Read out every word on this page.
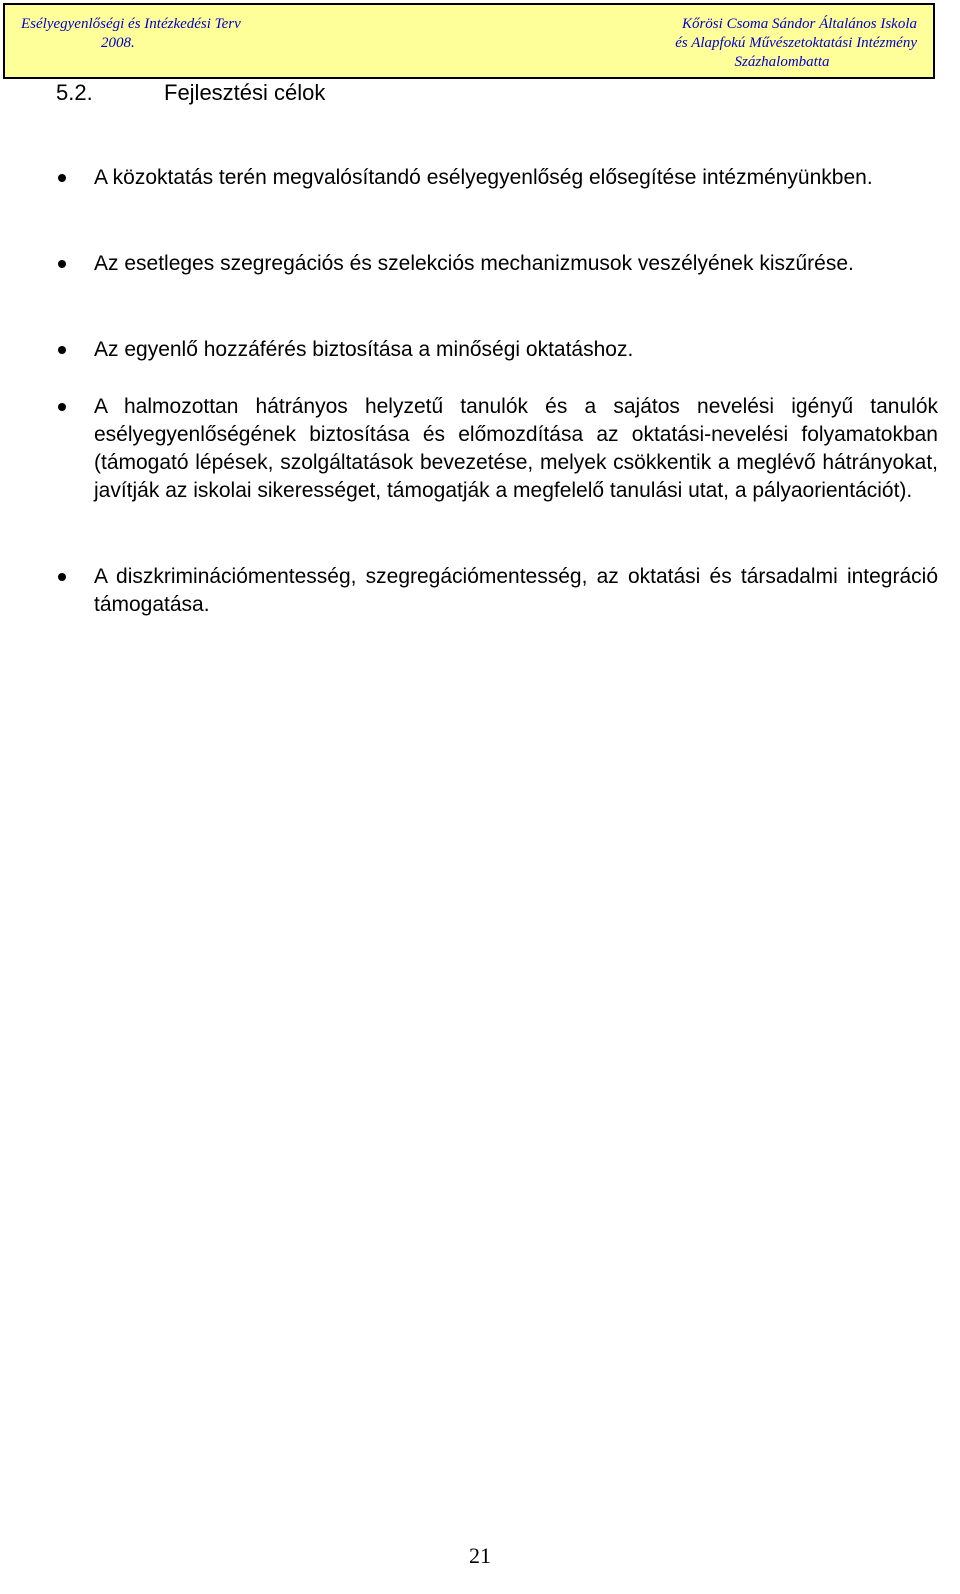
Esélyegyenlőségi és Intézkedési Terv
2008.
Kőrösi Csoma Sándor Általános Iskola
és Alapfokú Művészetoktatási Intézmény
Százhalombatta
5.2.	Fejlesztési célok
A közoktatás terén megvalósítandó esélyegyenlőség elősegítése intézményünkben.
Az esetleges szegregációs és szelekciós mechanizmusok veszélyének kiszűrése.
Az egyenlő hozzáférés biztosítása a minőségi oktatáshoz.
A halmozottan hátrányos helyzetű tanulók és a sajátos nevelési igényű tanulók esélyegyenlőségének biztosítása és előmozdítása az oktatási-nevelési folyamatokban (támogató lépések, szolgáltatások bevezetése, melyek csökkentik a meglévő hátrányokat, javítják az iskolai sikerességet, támogatják a megfelelő tanulási utat, a pályaorientációt).
A diszkriminációmentesség, szegregációmentesség, az oktatási és társadalmi integráció támogatása.
21
